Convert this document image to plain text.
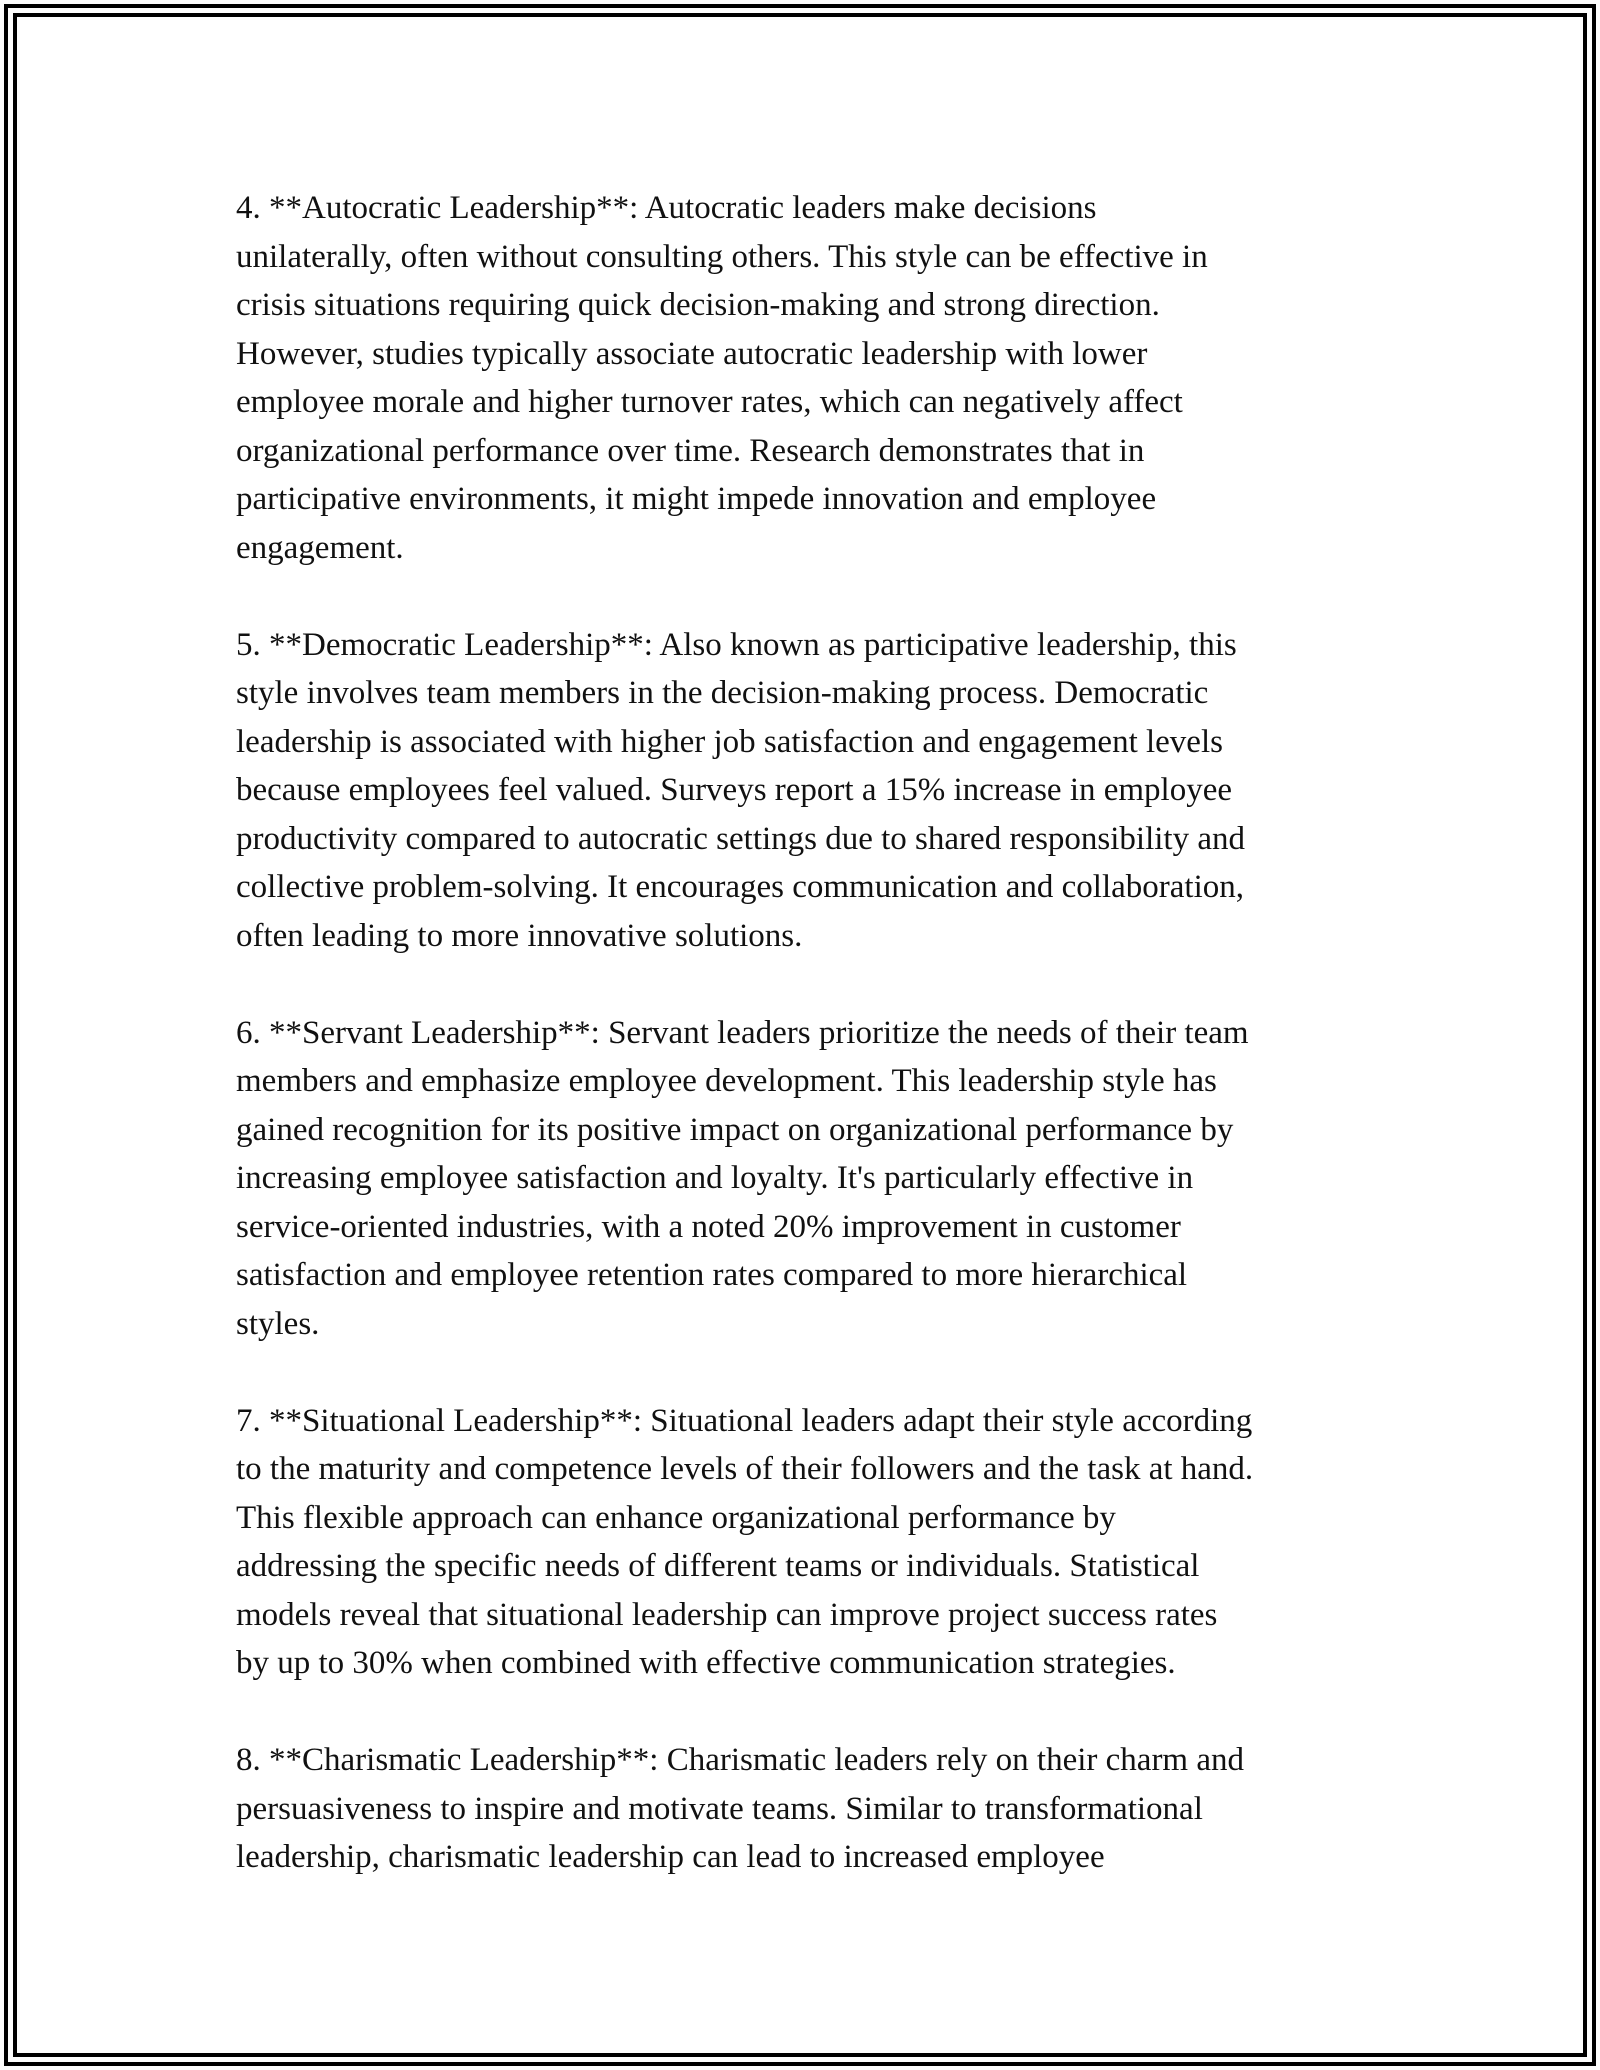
4. **Autocratic Leadership**: Autocratic leaders make decisions
unilaterally, often without consulting others. This style can be effective in
crisis situations requiring quick decision-making and strong direction.
However, studies typically associate autocratic leadership with lower
employee morale and higher turnover rates, which can negatively affect
organizational performance over time. Research demonstrates that in
participative environments, it might impede innovation and employee
engagement.

5. **Democratic Leadership**: Also known as participative leadership, this
style involves team members in the decision-making process. Democratic
leadership is associated with higher job satisfaction and engagement levels
because employees feel valued. Surveys report a 15% increase in employee
productivity compared to autocratic settings due to shared responsibility and
collective problem-solving. It encourages communication and collaboration,
often leading to more innovative solutions.

6. **Servant Leadership**: Servant leaders prioritize the needs of their team
members and emphasize employee development. This leadership style has
gained recognition for its positive impact on organizational performance by
increasing employee satisfaction and loyalty. It's particularly effective in
service-oriented industries, with a noted 20% improvement in customer
satisfaction and employee retention rates compared to more hierarchical
styles.

7. **Situational Leadership**: Situational leaders adapt their style according
to the maturity and competence levels of their followers and the task at hand.
This flexible approach can enhance organizational performance by
addressing the specific needs of different teams or individuals. Statistical
models reveal that situational leadership can improve project success rates
by up to 30% when combined with effective communication strategies.

8. **Charismatic Leadership**: Charismatic leaders rely on their charm and
persuasiveness to inspire and motivate teams. Similar to transformational
leadership, charismatic leadership can lead to increased employee
